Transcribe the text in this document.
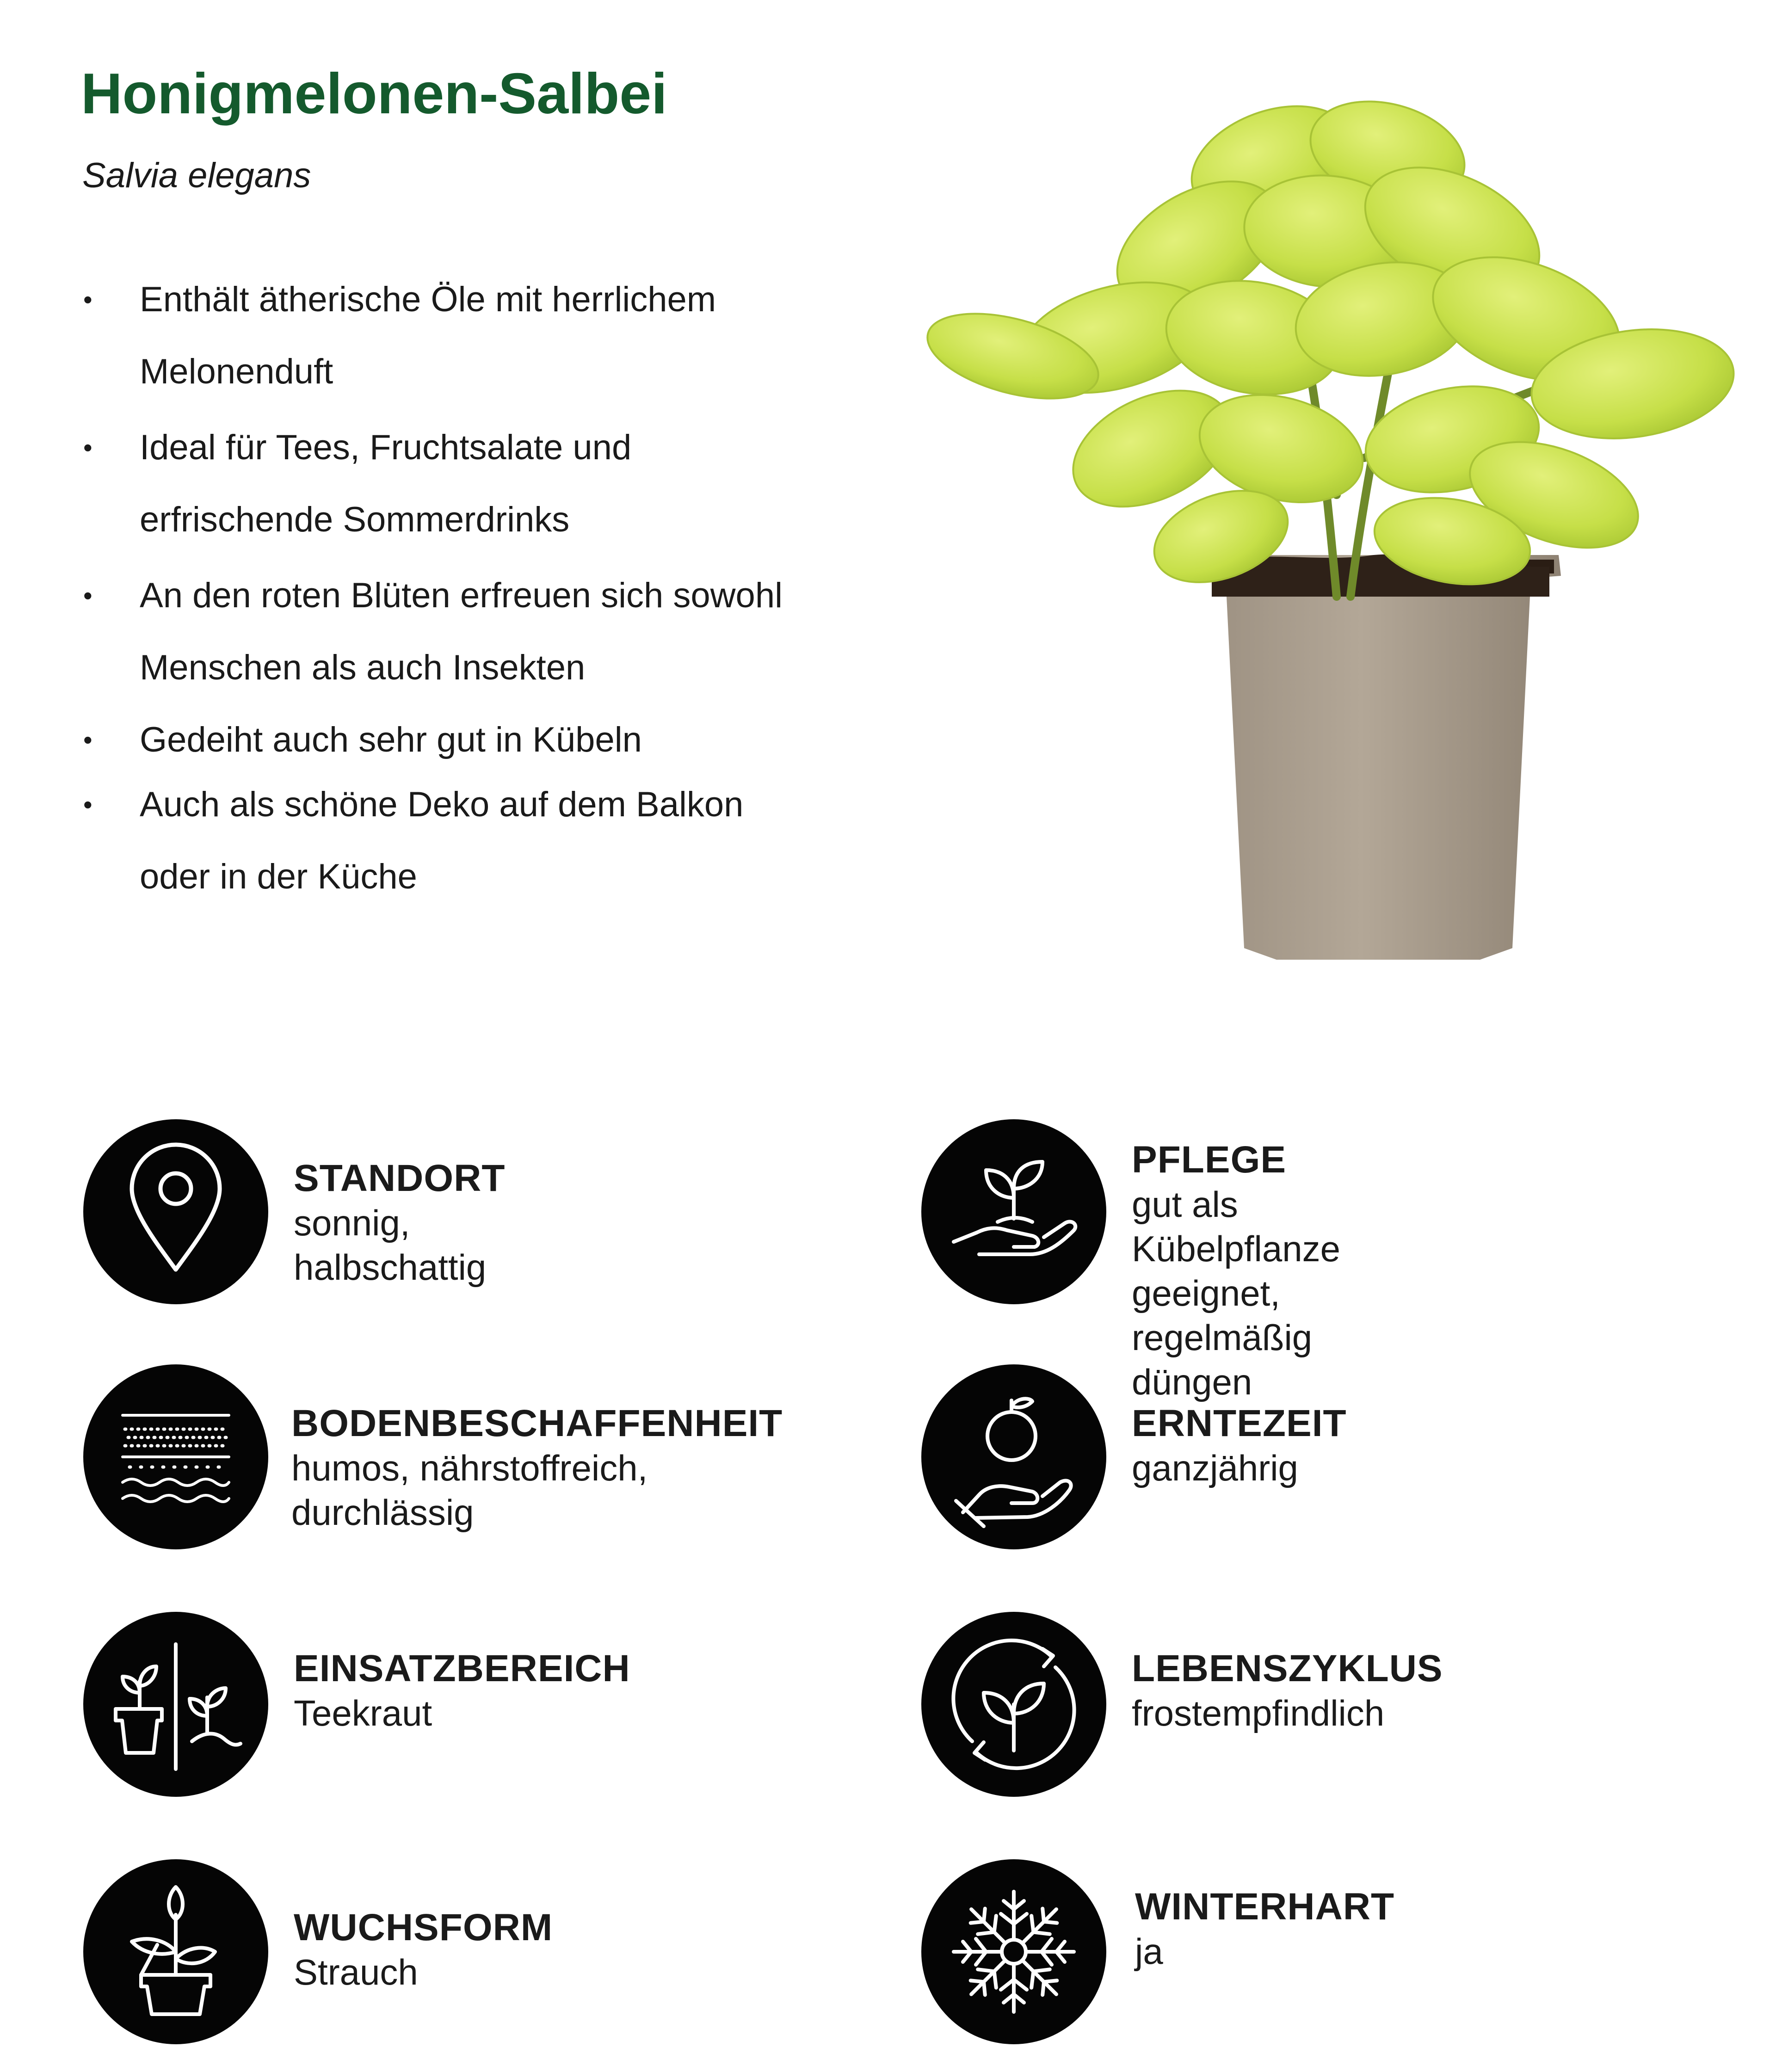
Honigmelonen-Salbei
Salvia elegans
• Enthält ätherische Öle mit herrlichem
Melonenduft
• Ideal für Tees, Fruchtsalate und
erfrischende Sommerdrinks
• An den roten Blüten erfreuen sich sowohl
Menschen als auch Insekten
• Gedeiht auch sehr gut in Kübeln
• Auch als schöne Deko auf dem Balkon
oder in der Küche
STANDORT
sonnig, halbschattig
PFLEGE
gut als Kübelpflanze geeignet,
regelmäßig düngen
BODENBESCHAFFENHEIT
humos, nährstoffreich, durchlässig
ERNTEZEIT
ganzjährig
EINSATZBEREICH
Teekraut
LEBENSZYKLUS
frostempfindlich
WUCHSFORM
Strauch
WINTERHART
ja
